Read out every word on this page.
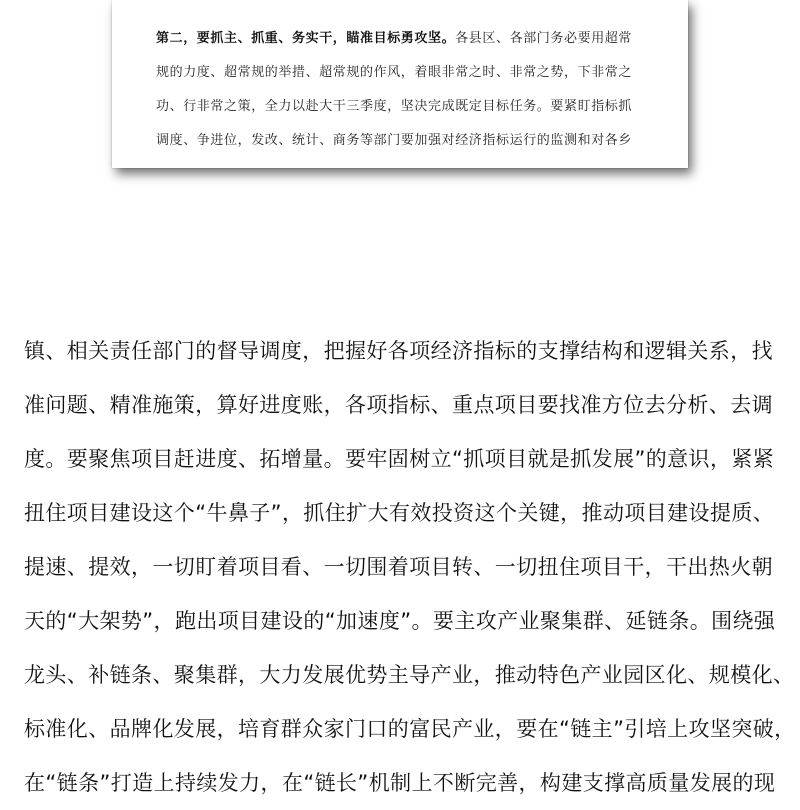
第二，要抓主、抓重、务实干，瞄准目标勇攻坚。各县区、各部门务必要用超常
规的力度、超常规的举措、超常规的作风，着眼非常之时、非常之势，下非常之
功、行非常之策，全力以赴大干三季度，坚决完成既定目标任务。要紧盯指标抓
调度、争进位，发改、统计、商务等部门要加强对经济指标运行的监测和对各乡
镇、相关责任部门的督导调度，把握好各项经济指标的支撑结构和逻辑关系，找
准问题、精准施策，算好进度账，各项指标、重点项目要找准方位去分析、去调
度。要聚焦项目赶进度、拓增量。要牢固树立“抓项目就是抓发展”的意识，紧紧
扭住项目建设这个“牛鼻子”，抓住扩大有效投资这个关键，推动项目建设提质、
提速、提效，一切盯着项目看、一切围着项目转、一切扭住项目干，干出热火朝
天的“大架势”，跑出项目建设的“加速度”。要主攻产业聚集群、延链条。围绕强
龙头、补链条、聚集群，大力发展优势主导产业，推动特色产业园区化、规模化、
标准化、品牌化发展，培育群众家门口的富民产业，要在“链主”引培上攻坚突破，
在“链条”打造上持续发力，在“链长”机制上不断完善，构建支撑高质量发展的现
